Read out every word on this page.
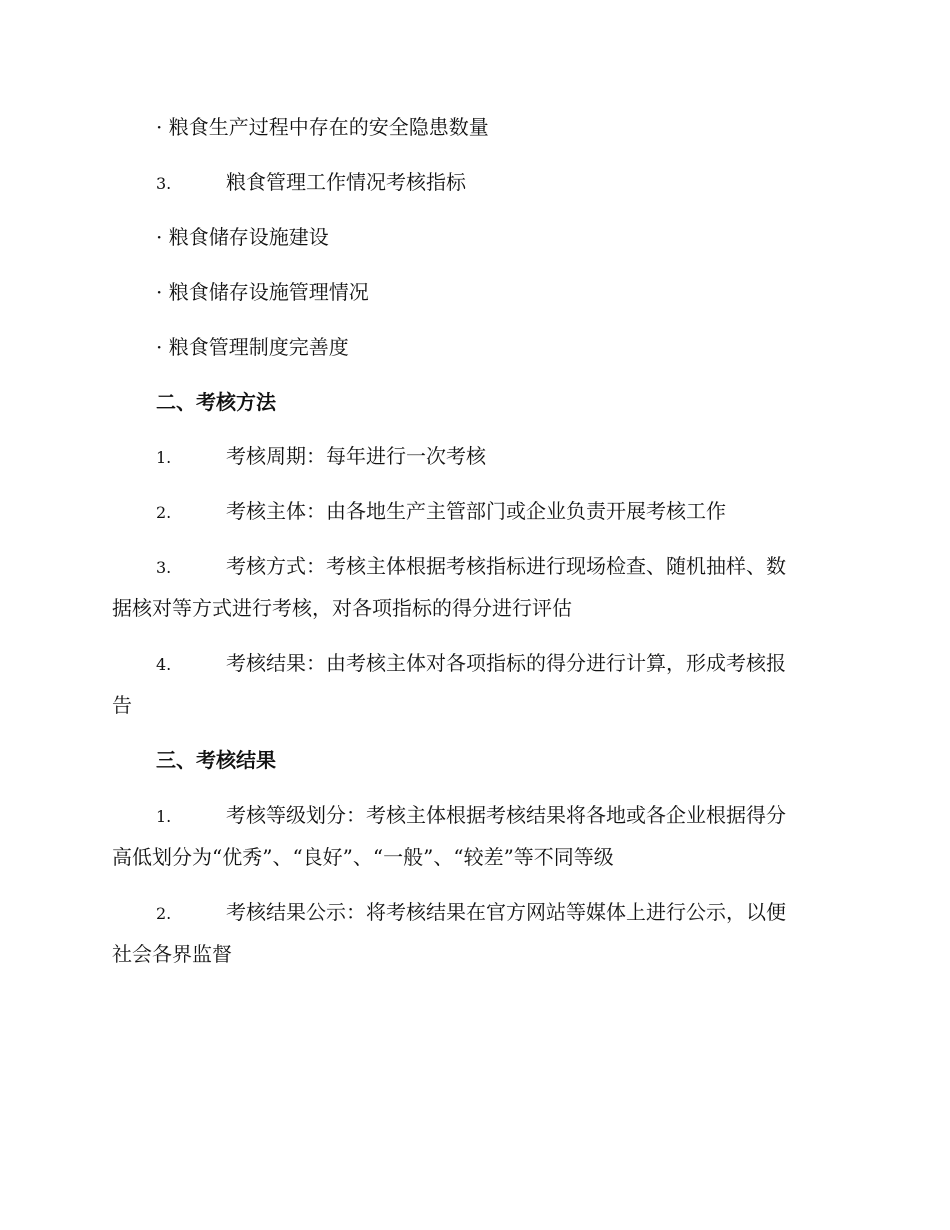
· 粮食生产过程中存在的安全隐患数量
3.	粮食管理工作情况考核指标
· 粮食储存设施建设
· 粮食储存设施管理情况
· 粮食管理制度完善度
二、考核方法
1.	考核周期：每年进行一次考核
2.	考核主体：由各地生产主管部门或企业负责开展考核工作
3.	考核方式：考核主体根据考核指标进行现场检查、随机抽样、数
据核对等方式进行考核，对各项指标的得分进行评估
4.	考核结果：由考核主体对各项指标的得分进行计算，形成考核报
告
三、考核结果
1.	考核等级划分：考核主体根据考核结果将各地或各企业根据得分
高低划分为“优秀”、“良好”、“一般”、“较差”等不同等级
2.	考核结果公示：将考核结果在官方网站等媒体上进行公示，以便
社会各界监督
